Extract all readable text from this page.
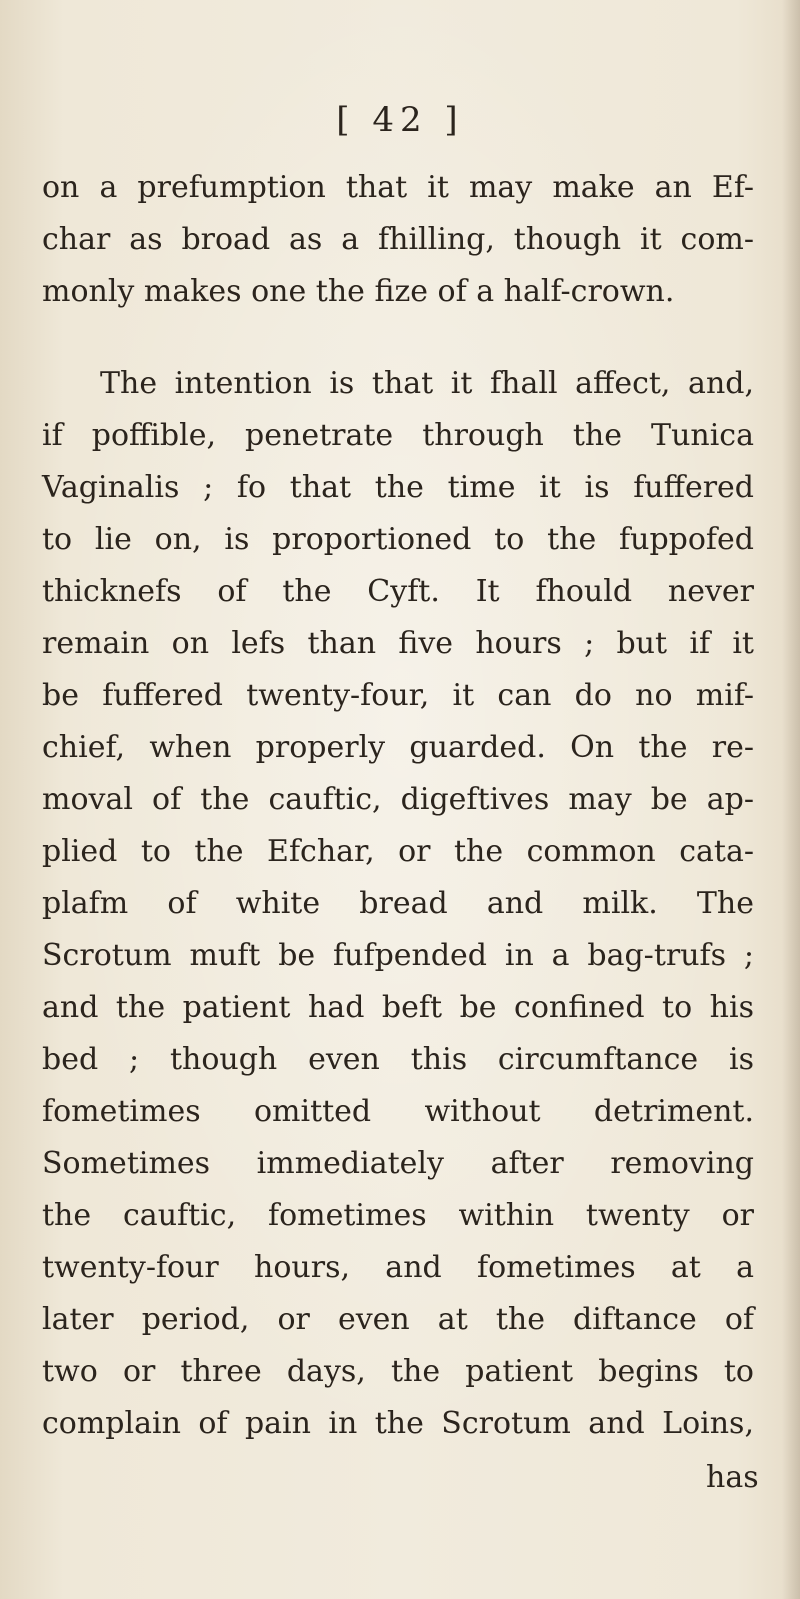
[ 42 ]
on a prefumption that it may make an Ef-
char as broad as a fhilling, though it com-
monly makes one the fize of a half-crown.
The intention is that it fhall affect, and,
if poffible, penetrate through the Tunica
Vaginalis ; fo that the time it is fuffered
to lie on, is proportioned to the fuppofed
thicknefs of the Cyft. It fhould never
remain on lefs than five hours ; but if it
be fuffered twenty-four, it can do no mif-
chief, when properly guarded. On the re-
moval of the cauftic, digeftives may be ap-
plied to the Efchar, or the common cata-
plafm of white bread and milk. The
Scrotum muft be fufpended in a bag-trufs ;
and the patient had beft be confined to his
bed ; though even this circumftance is
fometimes omitted without detriment.
Sometimes immediately after removing
the cauftic, fometimes within twenty or
twenty-four hours, and fometimes at a
later period, or even at the diftance of
two or three days, the patient begins to
complain of pain in the Scrotum and Loins,
has
